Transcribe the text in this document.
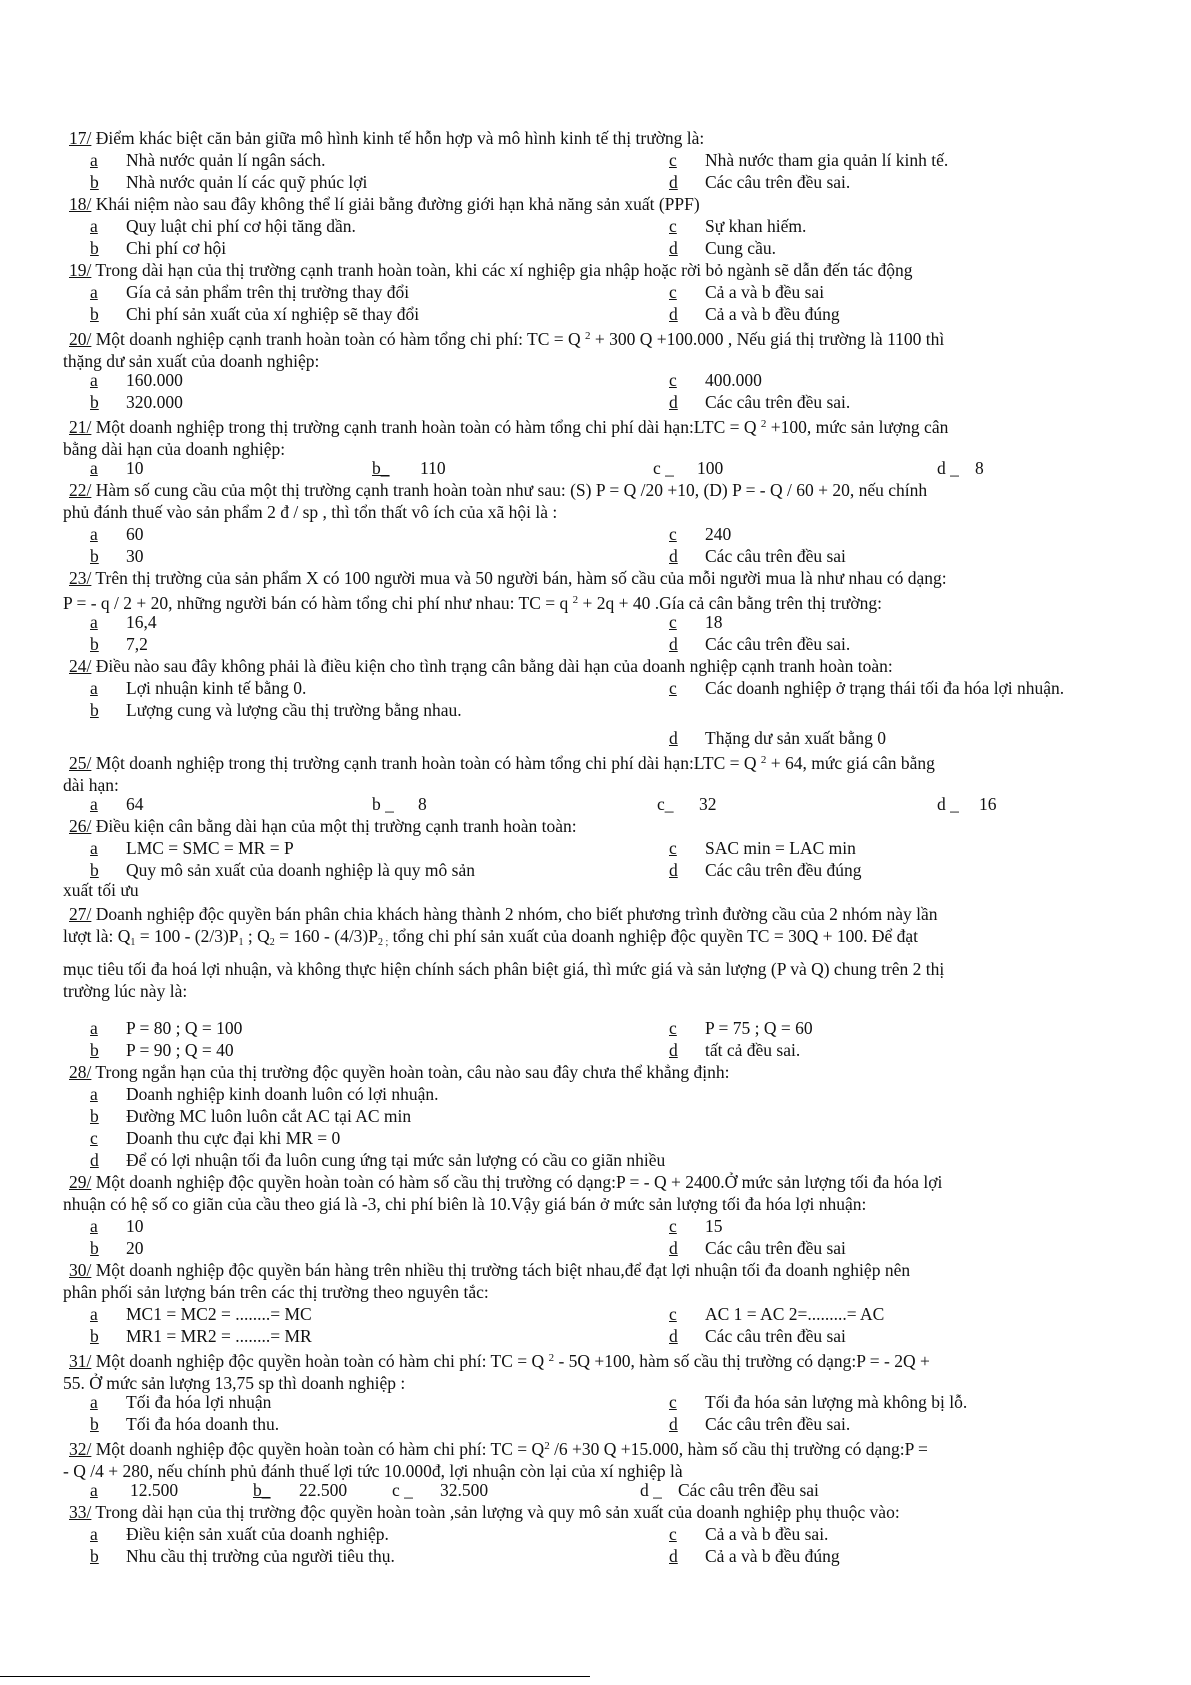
17/ Điểm khác biệt căn bản giữa mô hình kinh tế hỗn hợp và mô hình kinh tế thị trường là:
a Nhà nước quản lí ngân sách.	c Nhà nước tham gia quản lí kinh tế.
b Nhà nước quản lí các quỹ phúc lợi	d Các câu trên đều sai.
18/ Khái niệm nào sau đây không thể lí giải bằng đường giới hạn khả năng sản xuất (PPF)
a Quy luật chi phí cơ hội tăng dần.	c Sự khan hiếm.
b Chi phí cơ hội	d Cung cầu.
19/ Trong dài hạn của thị trường cạnh tranh hoàn toàn, khi các xí nghiệp gia nhập hoặc rời bỏ ngành sẽ dẫn đến tác động
a Gía cả sản phẩm trên thị trường thay đổi	c Cả a và b đều sai
b Chi phí sản xuất của xí nghiệp sẽ thay đổi	d Cả a và b đều đúng
20/ Một doanh nghiệp cạnh tranh hoàn toàn có hàm tổng chi phí: TC = Q $^2$ + 300 Q +100.000 , Nếu giá thị trường là 1100 thì
thặng dư sản xuất của doanh nghiệp:
a 160.000	c 400.000
b 320.000	d Các câu trên đều sai.
21/ Một doanh nghiệp trong thị trường cạnh tranh hoàn toàn có hàm tổng chi phí dài hạn:LTC = Q $^2$ +100, mức sản lượng cân
bằng dài hạn của doanh nghiệp:
a 10	b_ 110	c _ 100	d _ 8
22/ Hàm số cung cầu của một thị trường cạnh tranh hoàn toàn như sau: (S) P = Q /20 +10, (D) P = - Q / 60 + 20, nếu chính
phủ đánh thuế vào sản phẩm 2 đ / sp , thì tổn thất vô ích của xã hội là :
a 60	c 240
b 30	d Các câu trên đều sai
23/ Trên thị trường của sản phẩm X có 100 người mua và 50 người bán, hàm số cầu của mỗi người mua là như nhau có dạng:
P = - q / 2 + 20, những người bán có hàm tổng chi phí như nhau: TC = q $^2$ + 2q + 40 .Gía cả cân bằng trên thị trường:
a 16,4	c 18
b 7,2	d Các câu trên đều sai.
24/ Điều nào sau đây không phải là điều kiện cho tình trạng cân bằng dài hạn của doanh nghiệp cạnh tranh hoàn toàn:
a Lợi nhuận kinh tế bằng 0.	c Các doanh nghiệp ở trạng thái tối đa hóa lợi nhuận.
b Lượng cung và lượng cầu thị trường bằng nhau.
d Thặng dư sản xuất bằng 0
25/ Một doanh nghiệp trong thị trường cạnh tranh hoàn toàn có hàm tổng chi phí dài hạn:LTC = Q $^2$ + 64, mức giá cân bằng
dài hạn:
a 64	b _ 8	c_ 32	d _ 16
26/ Điều kiện cân bằng dài hạn của một thị trường cạnh tranh hoàn toàn:
a LMC = SMC = MR = P	c SAC min = LAC min
b Quy mô sản xuất của doanh nghiệp là quy mô sản	d Các câu trên đều đúng
xuất tối ưu
27/ Doanh nghiệp độc quyền bán phân chia khách hàng thành 2 nhóm, cho biết phương trình đường cầu của 2 nhóm này lần
lượt là: $Q_1 = 100 - (2/3)P_1$ ; $Q_2 = 160 - (4/3)P_{2 ;}$ tổng chi phí sản xuất của doanh nghiệp độc quyền TC = 30Q + 100. Để đạt
mục tiêu tối đa hoá lợi nhuận, và không thực hiện chính sách phân biệt giá, thì mức giá và sản lượng (P và Q) chung trên 2 thị
trường lúc này là:
a P = 80 ; Q = 100	c P = 75 ; Q = 60
b P = 90 ; Q = 40	d tất cả đều sai.
28/ Trong ngắn hạn của thị trường độc quyền hoàn toàn, câu nào sau đây chưa thể khẳng định:
a Doanh nghiệp kinh doanh luôn có lợi nhuận.
b Đường MC luôn luôn cắt AC tại AC min
c Doanh thu cực đại khi MR = 0
d Để có lợi nhuận tối đa luôn cung ứng tại mức sản lượng có cầu co giãn nhiều
29/ Một doanh nghiệp độc quyền hoàn toàn có hàm số cầu thị trường có dạng:P = - Q + 2400.Ở mức sản lượng tối đa hóa lợi
nhuận có hệ số co giãn của cầu theo giá là -3, chi phí biên là 10.Vậy giá bán ở mức sản lượng tối đa hóa lợi nhuận:
a 10	c 15
b 20	d Các câu trên đều sai
30/ Một doanh nghiệp độc quyền bán hàng trên nhiều thị trường tách biệt nhau,để đạt lợi nhuận tối đa doanh nghiệp nên
phân phối sản lượng bán trên các thị trường theo nguyên tắc:
a MC1 = MC2 = ........= MC	c AC 1 = AC 2=.........= AC
b MR1 = MR2 = ........= MR	d Các câu trên đều sai
31/ Một doanh nghiệp độc quyền hoàn toàn có hàm chi phí: TC = Q $^2$ - 5Q +100, hàm số cầu thị trường có dạng:P = - 2Q +
55. Ở mức sản lượng 13,75 sp thì doanh nghiệp :
a Tối đa hóa lợi nhuận	c Tối đa hóa sản lượng mà không bị lỗ.
b Tối đa hóa doanh thu.	d Các câu trên đều sai.
32/ Một doanh nghiệp độc quyền hoàn toàn có hàm chi phí: TC = $Q^2$ /6 +30 Q +15.000, hàm số cầu thị trường có dạng:P =
- Q /4 + 280, nếu chính phủ đánh thuế lợi tức 10.000đ, lợi nhuận còn lại của xí nghiệp là
a 12.500	b_ 22.500	c _ 32.500	d _ Các câu trên đều sai
33/ Trong dài hạn của thị trường độc quyền hoàn toàn ,sản lượng và quy mô sản xuất của doanh nghiệp phụ thuộc vào:
a Điều kiện sản xuất của doanh nghiệp.	c Cả a và b đều sai.
b Nhu cầu thị trường của người tiêu thụ.	d Cả a và b đều đúng
